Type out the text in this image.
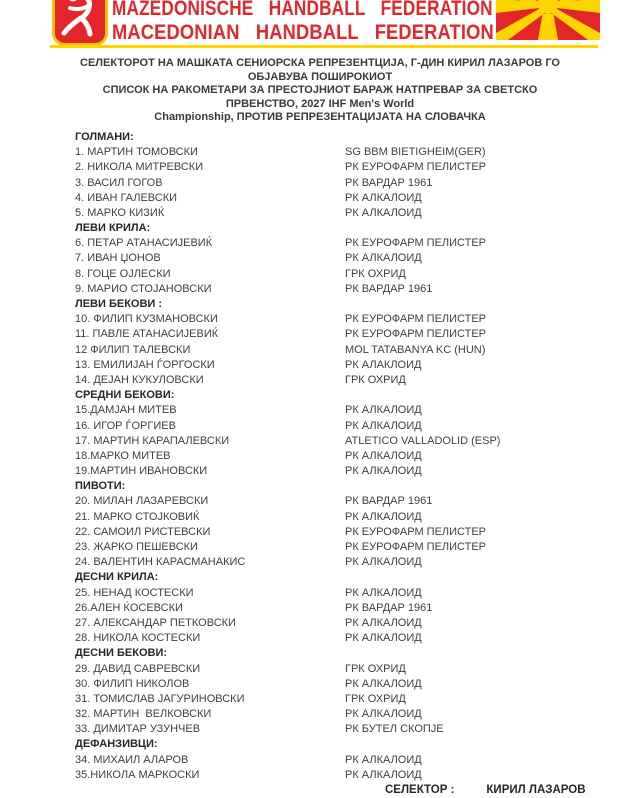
MAZEDONISCHE HANDBALL FEDERATION
MACEDONIAN HANDBALL FEDERATION
СЕЛЕКТОРОТ НА МАШКАТА СЕНИОРСКА РЕПРЕЗЕНТЦИЈА, Г-ДИН КИРИЛ ЛАЗАРОВ ГО ОБЈАВУВА ПОШИРОКИОТ
СПИСОК НА РАКОМЕТАРИ ЗА ПРЕСТОЈНИОТ БАРАЖ НАТПРЕВАР ЗА СВЕТСКО ПРВЕНСТВО, 2027 IHF Men's World
Championship, ПРОТИВ РЕПРЕЗЕНТАЦИЈАТА НА СЛОВАЧКА
ГОЛМАНИ:
1. МАРТИН ТОМОВСКИ	SG BBM BIETIGHEIM(GER)
2. НИКОЛА МИТРЕВСКИ	РК ЕУРОФАРМ ПЕЛИСТЕР
3. ВАСИЛ ГОГОВ	РК ВАРДАР 1961
4. ИВАН ГАЛЕВСКИ	РК АЛКАЛОИД
5. МАРКО КИЗИЌ	РК АЛКАЛОИД
ЛЕВИ КРИЛА:
6. ПЕТАР АТАНАСИЈЕВИЌ	РК ЕУРОФАРМ ПЕЛИСТЕР
7. ИВАН ЏОНОВ	РК АЛКАЛОИД
8. ГОЦЕ ОЈЛЕСКИ	ГРК ОХРИД
9. МАРИО СТОЈАНОВСКИ	РК ВАРДАР 1961
ЛЕВИ БЕКОВИ :
10. ФИЛИП КУЗМАНОВСКИ	РК ЕУРОФАРМ ПЕЛИСТЕР
11. ПАВЛЕ АТАНАСИЈЕВИЌ	РК ЕУРОФАРМ ПЕЛИСТЕР
12 ФИЛИП ТАЛЕВСКИ	MOL TATABANYA KC (HUN)
13. ЕМИЛИЈАН ЃОРГОСКИ	РК АЛАКЛОИД
14. ДЕЈАН КУКУЛОВСКИ	ГРК ОХРИД
СРЕДНИ БЕКОВИ:
15.ДАМЈАН МИТЕВ	РК АЛКАЛОИД
16. ИГОР ЃОРГИЕВ	РК АЛКАЛОИД
17. МАРТИН КАРАПАЛЕВСКИ	ATLETICO VALLADOLID (ESP)
18.МАРКО МИТЕВ	РК АЛКАЛОИД
19.МАРТИН ИВАНОВСКИ	РК АЛКАЛОИД
ПИВОТИ:
20. МИЛАН ЛАЗАРЕВСКИ	РК ВАРДАР 1961
21. МАРКО СТОЈКОВИЌ	РК АЛКАЛОИД
22. САМОИЛ РИСТЕВСКИ	РК ЕУРОФАРМ ПЕЛИСТЕР
23. ЖАРКО ПЕШЕВСКИ	РК ЕУРОФАРМ ПЕЛИСТЕР
24. ВАЛЕНТИН КАРАСМАНАКИС	РК АЛКАЛОИД
ДЕСНИ КРИЛА:
25. НЕНАД КОСТЕСКИ	РК АЛКАЛОИД
26.АЛЕН ЌОСЕВСКИ	РК ВАРДАР 1961
27. АЛЕКСАНДАР ПЕТКОВСКИ	РК АЛКАЛОИД
28. НИКОЛА КОСТЕСКИ	РК АЛКАЛОИД
ДЕСНИ БЕКОВИ:
29. ДАВИД САВРЕВСКИ	ГРК ОХРИД
30. ФИЛИП НИКОЛОВ	РК АЛКАЛОИД
31. ТОМИСЛАВ ЈАГУРИНОВСКИ	ГРК ОХРИД
32. МАРТИН  ВЕЛКОВСКИ	РК АЛКАЛОИД
33. ДИМИТАР УЗУНЧЕВ	РК БУТЕЛ СКОПЈЕ
ДЕФАНЗИВЦИ:
34. МИХАИЛ АЛАРОВ	РК АЛКАЛОИД
35.НИКОЛА МАРКОСКИ	РК АЛКАЛОИД
СЕЛЕКТОР :	КИРИЛ ЛАЗАРОВ
